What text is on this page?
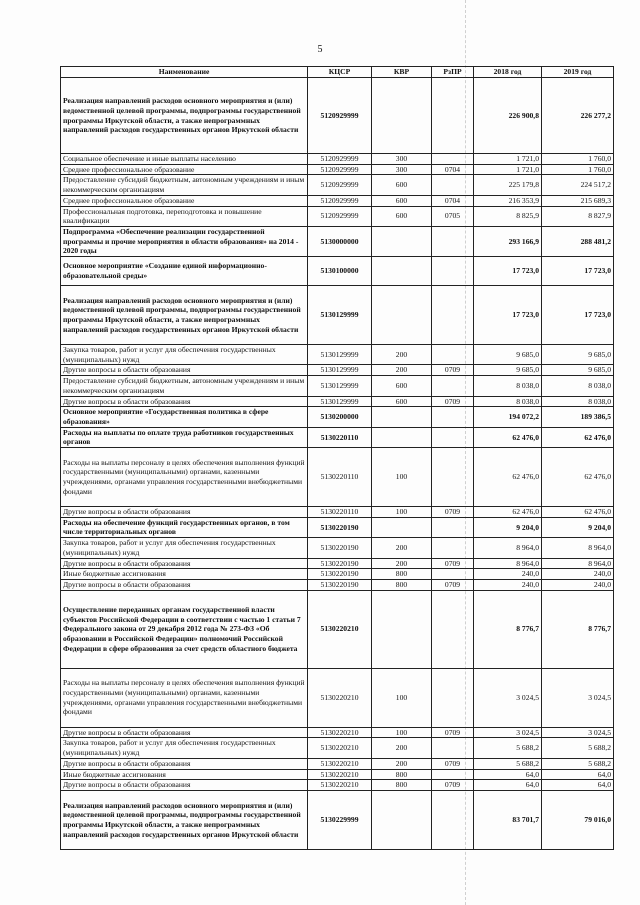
5
Наименование	КЦСР	КВР	РзПР	2018 год	2019 год
Реализация направлений расходов основного мероприятия и (или) ведомственной целевой программы, подпрограммы государственной программы Иркутской области, а также непрограммных направлений расходов государственных органов Иркутской области	5120929999			226 900,8	226 277,2
Социальное обеспечение и иные выплаты населению	5120929999	300		1 721,0	1 760,0
Среднее профессиональное образование	5120929999	300	0704	1 721,0	1 760,0
Предоставление субсидий бюджетным, автономным учреждениям и иным некоммерческим организациям	5120929999	600		225 179,8	224 517,2
Среднее профессиональное образование	5120929999	600	0704	216 353,9	215 689,3
Профессиональная подготовка, переподготовка и повышение квалификации	5120929999	600	0705	8 825,9	8 827,9
Подпрограмма «Обеспечение реализации государственной программы и прочие мероприятия в области образования» на 2014 - 2020 годы	5130000000			293 166,9	288 481,2
Основное мероприятие «Создание единой информационно-образовательной среды»	5130100000			17 723,0	17 723,0
Реализация направлений расходов основного мероприятия и (или) ведомственной целевой программы, подпрограммы государственной программы Иркутской области, а также непрограммных направлений расходов государственных органов Иркутской области	5130129999			17 723,0	17 723,0
Закупка товаров, работ и услуг для обеспечения государственных (муниципальных) нужд	5130129999	200		9 685,0	9 685,0
Другие вопросы в области образования	5130129999	200	0709	9 685,0	9 685,0
Предоставление субсидий бюджетным, автономным учреждениям и иным некоммерческим организациям	5130129999	600		8 038,0	8 038,0
Другие вопросы в области образования	5130129999	600	0709	8 038,0	8 038,0
Основное мероприятие «Государственная политика в сфере образования»	5130200000			194 072,2	189 386,5
Расходы на выплаты по оплате труда работников государственных органов	5130220110			62 476,0	62 476,0
Расходы на выплаты персоналу в целях обеспечения выполнения функций государственными (муниципальными) органами, казенными учреждениями, органами управления государственными внебюджетными фондами	5130220110	100		62 476,0	62 476,0
Другие вопросы в области образования	5130220110	100	0709	62 476,0	62 476,0
Расходы на обеспечение функций государственных органов, в том числе территориальных органов	5130220190			9 204,0	9 204,0
Закупка товаров, работ и услуг для обеспечения государственных (муниципальных) нужд	5130220190	200		8 964,0	8 964,0
Другие вопросы в области образования	5130220190	200	0709	8 964,0	8 964,0
Иные бюджетные ассигнования	5130220190	800		240,0	240,0
Другие вопросы в области образования	5130220190	800	0709	240,0	240,0
Осуществление переданных органам государственной власти субъектов Российской Федерации в соответствии с частью 1 статьи 7 Федерального закона от 29 декабря 2012 года № 273-ФЗ «Об образовании в Российской Федерации» полномочий Российской Федерации в сфере образования за счет средств областного бюджета	5130220210			8 776,7	8 776,7
Расходы на выплаты персоналу в целях обеспечения выполнения функций государственными (муниципальными) органами, казенными учреждениями, органами управления государственными внебюджетными фондами	5130220210	100		3 024,5	3 024,5
Другие вопросы в области образования	5130220210	100	0709	3 024,5	3 024,5
Закупка товаров, работ и услуг для обеспечения государственных (муниципальных) нужд	5130220210	200		5 688,2	5 688,2
Другие вопросы в области образования	5130220210	200	0709	5 688,2	5 688,2
Иные бюджетные ассигнования	5130220210	800		64,0	64,0
Другие вопросы в области образования	5130220210	800	0709	64,0	64,0
Реализация направлений расходов основного мероприятия и (или) ведомственной целевой программы, подпрограммы государственной программы Иркутской области, а также непрограммных направлений расходов государственных органов Иркутской области	5130229999			83 701,7	79 016,0
